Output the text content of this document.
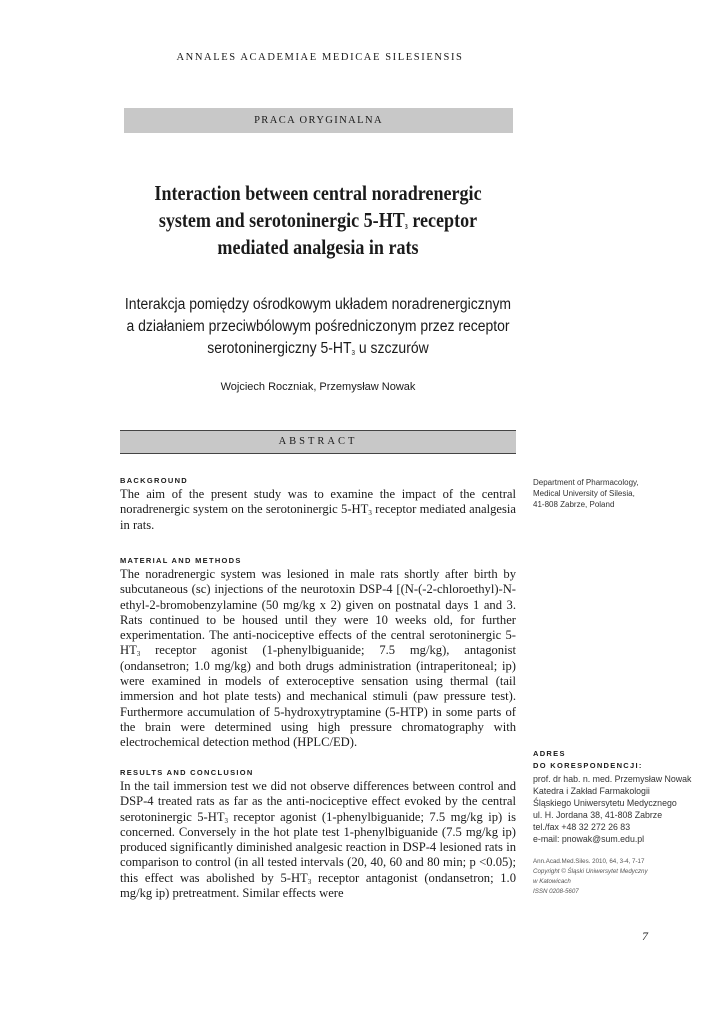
ANNALES ACADEMIAE MEDICAE SILESIENSIS
PRACA ORYGINALNA
Interaction between central noradrenergic
system and serotoninergic $5-HT_3$ receptor
mediated analgesia in rats
Interakcja pomiędzy ośrodkowym układem noradrenergicznym
a działaniem przeciwbólowym pośredniczonym przez receptor
serotoninergiczny $5-HT_3$ u szczurów
Wojciech Roczniak, Przemysław Nowak
ABSTRACT
BACKGROUND
The aim of the present study was to examine the impact of the central noradrenergic system on the serotoninergic $5-HT_3$ receptor mediated analgesia in rats.
MATERIAL AND METHODS
The noradrenergic system was lesioned in male rats shortly after birth by subcutaneous (sc) injections of the neurotoxin DSP-4 [(N-(-2-chloroethyl)-N-ethyl-2-bromobenzylamine (50 mg/kg x 2) given on postnatal days 1 and 3. Rats continued to be housed until they were 10 weeks old, for further experimentation. The anti-nociceptive effects of the central serotoninergic $5-HT_3$ receptor agonist (1-phenylbiguanide; 7.5 mg/kg), antagonist (ondansetron; 1.0 mg/kg) and both drugs administration (intraperitoneal; ip) were examined in models of exteroceptive sensation using thermal (tail immersion and hot plate tests) and mechanical stimuli (paw pressure test). Furthermore accumulation of 5-hydroxytryptamine (5-HTP) in some parts of the brain were determined using high pressure chromatography with electrochemical detection method (HPLC/ED).
RESULTS AND CONCLUSION
In the tail immersion test we did not observe differences between control and DSP-4 treated rats as far as the anti-nociceptive effect evoked by the central serotoninergic $5-HT_3$ receptor agonist (1-phenylbiguanide; 7.5 mg/kg ip) is concerned. Conversely in the hot plate test 1-phenylbiguanide (7.5 mg/kg ip) produced significantly diminished analgesic reaction in DSP-4 lesioned rats in comparison to control (in all tested intervals (20, 40, 60 and 80 min; p <0.05); this effect was abolished by $5-HT_3$ receptor antagonist (ondansetron; 1.0 mg/kg ip) pretreatment. Similar effects were
Department of Pharmacology,
Medical University of Silesia,
41-808 Zabrze, Poland
ADRES
DO KORESPONDENCJI:
prof. dr hab. n. med. Przemysław Nowak
Katedra i Zakład Farmakologii
Śląskiego Uniwersytetu Medycznego
ul. H. Jordana 38, 41-808 Zabrze
tel./fax +48 32 272 26 83
e-mail: pnowak@sum.edu.pl
Ann.Acad.Med.Siles. 2010, 64, 3-4, 7-17
Copyright © Śląski Uniwersytet Medyczny
w Katowicach
ISSN 0208-5607
7
